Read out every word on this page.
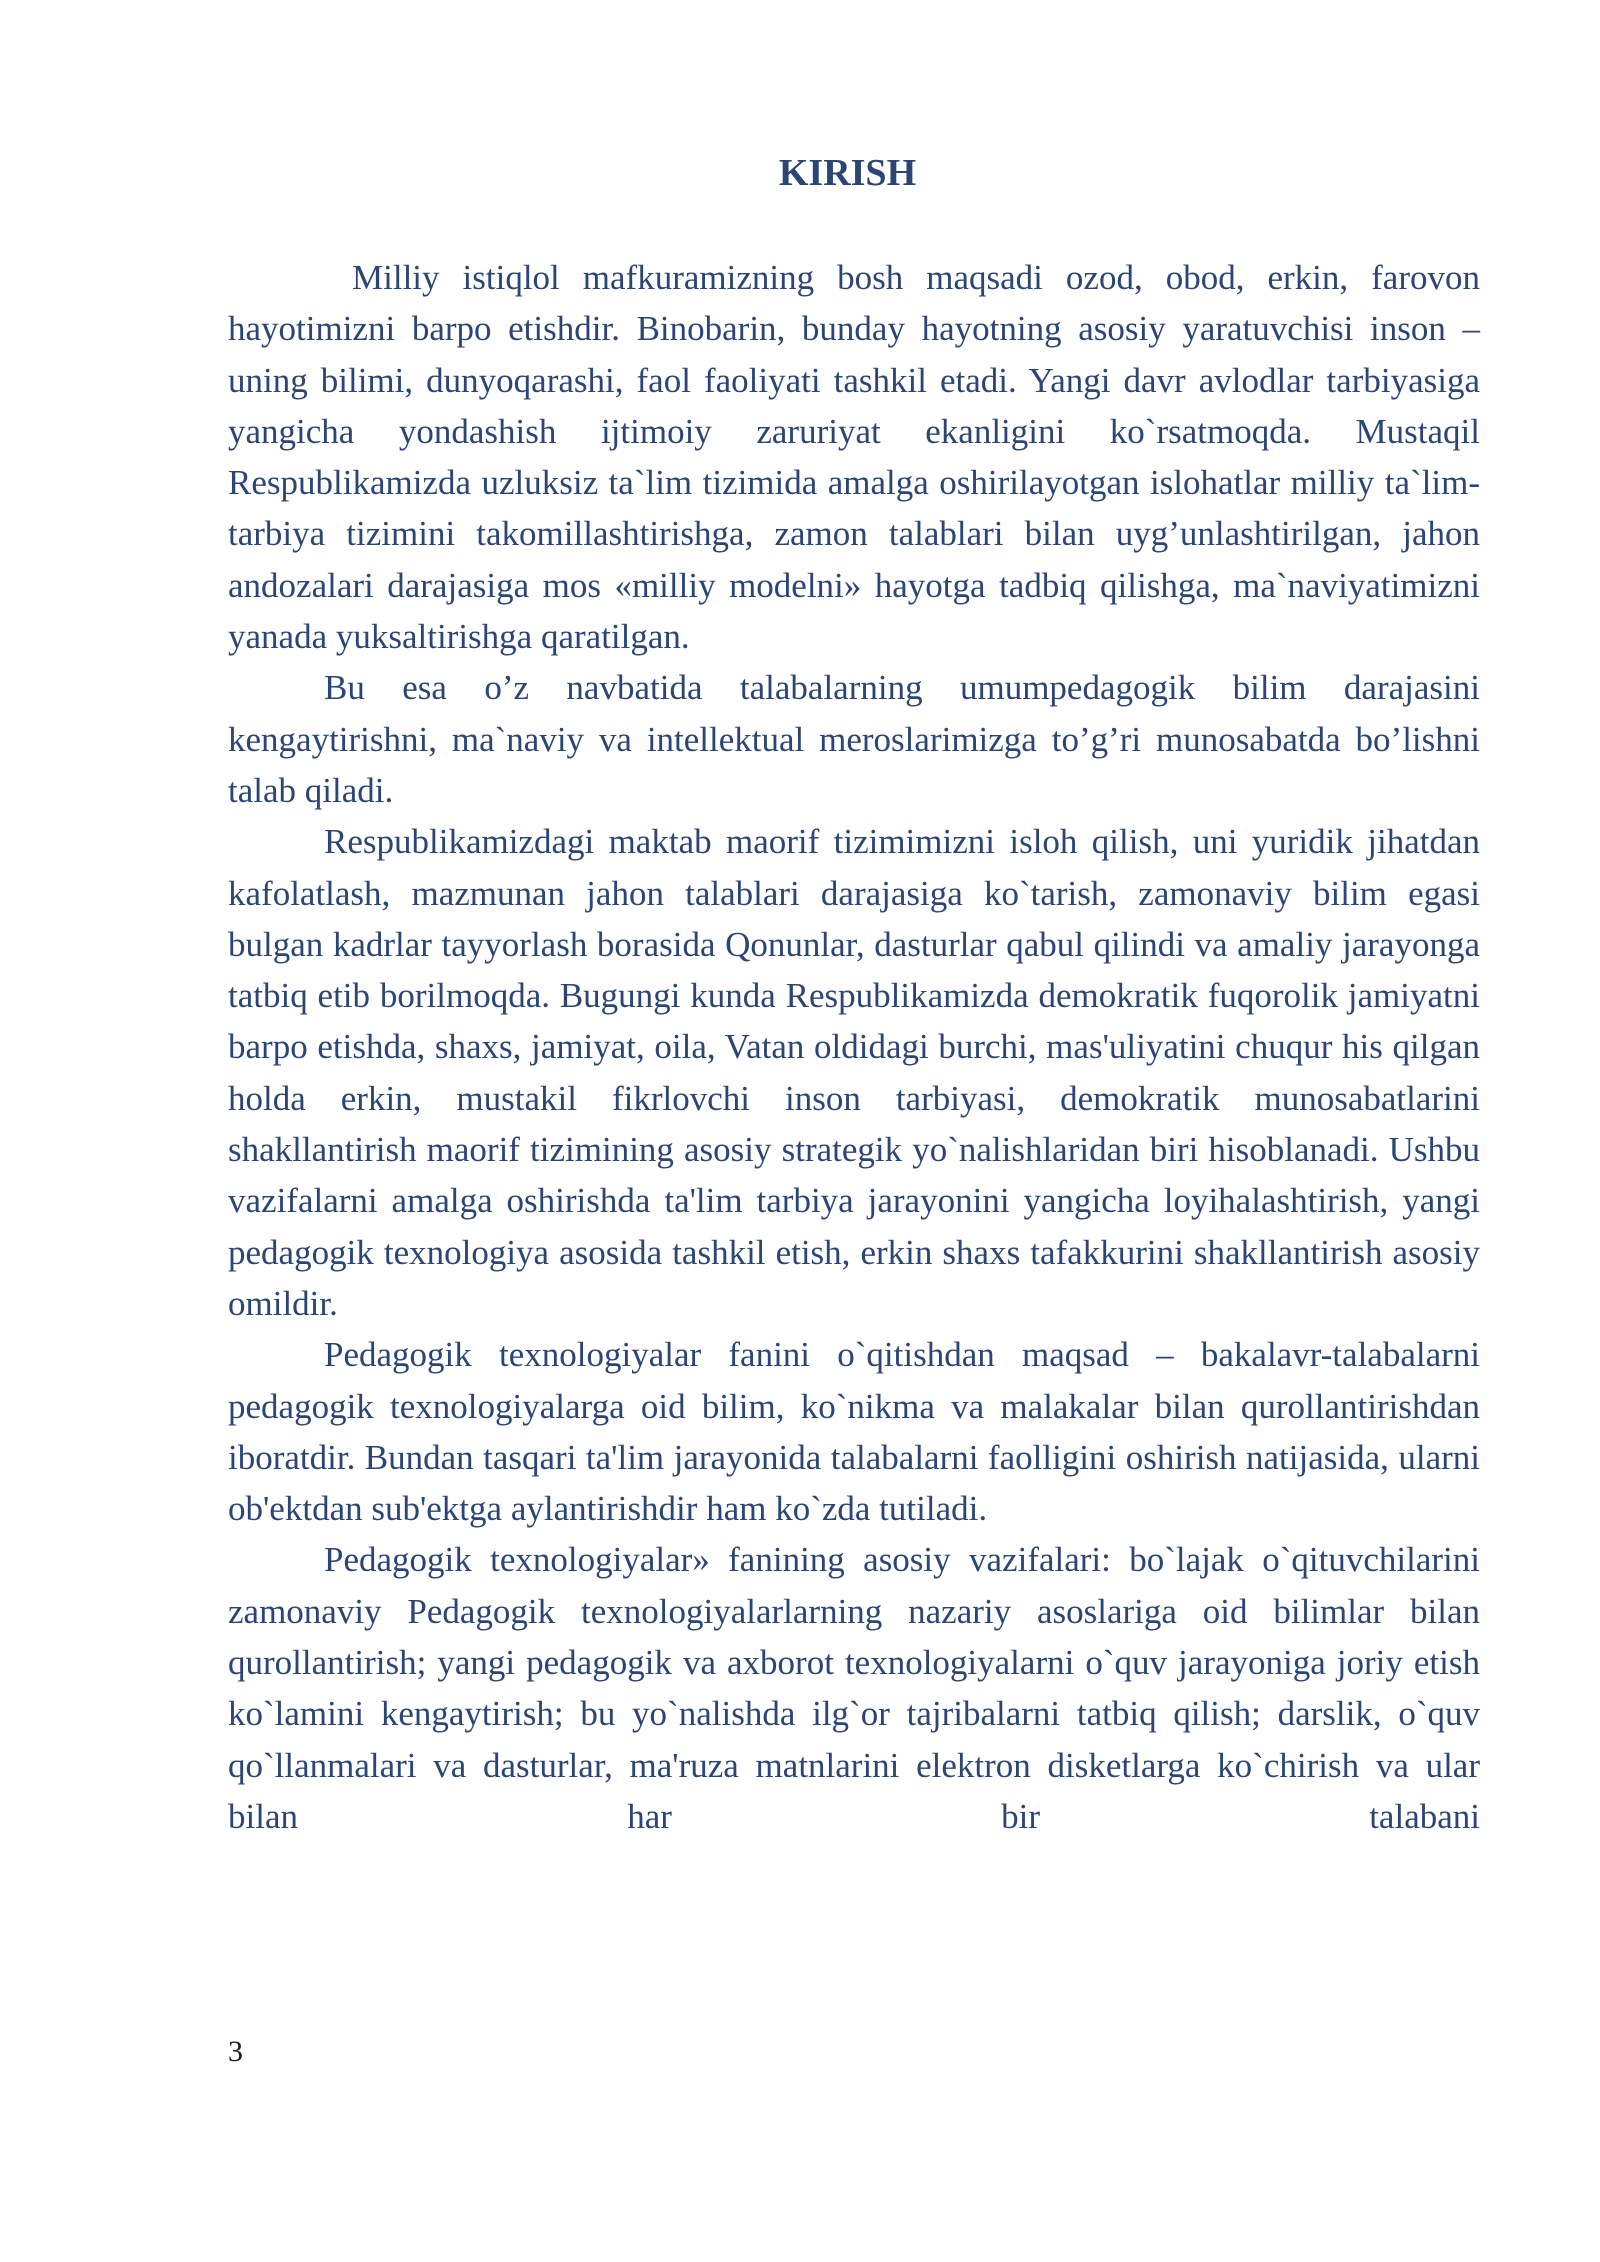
KIRISH

Milliy istiqlol mafkuramizning bosh maqsadi ozod, obod, erkin, farovon hayotimizni barpo etishdir. Binobarin, bunday hayotning asosiy yaratuvchisi inson – uning bilimi, dunyoqarashi, faol faoliyati tashkil etadi. Yangi davr avlodlar tarbiyasiga yangicha yondashish ijtimoiy zaruriyat ekanligini ko`rsatmoqda. Mustaqil Respublikamizda uzluksiz ta`lim tizimida amalga oshirilayotgan islohatlar milliy ta`lim-tarbiya tizimini takomillashtirishga, zamon talablari bilan uyg’unlashtirilgan, jahon andozalari darajasiga mos «milliy modelni» hayotga tadbiq qilishga, ma`naviyatimizni yanada yuksaltirishga qaratilgan.

Bu esa o’z navbatida talabalarning umumpedagogik bilim darajasini kengaytirishni, ma`naviy va intellektual meroslarimizga to’g’ri munosabatda bo’lishni talab qiladi.

Respublikamizdagi maktab maorif tizimimizni isloh qilish, uni yuridik jihatdan kafolatlash, mazmunan jahon talablari darajasiga ko`tarish, zamonaviy bilim egasi bulgan kadrlar tayyorlash borasida Qonunlar, dasturlar qabul qilindi va amaliy jarayonga tatbiq etib borilmoqda. Bugungi kunda Respublikamizda demokratik fuqorolik jamiyatni barpo etishda, shaxs, jamiyat, oila, Vatan oldidagi burchi, mas'uliyatini chuqur his qilgan holda erkin, mustakil fikrlovchi inson tarbiyasi, demokratik munosabatlarini shakllantirish maorif tizimining asosiy strategik yo`nalishlaridan biri hisoblanadi. Ushbu vazifalarni amalga oshirishda ta'lim tarbiya jarayonini yangicha loyihalashtirish, yangi pedagogik texnologiya asosida tashkil etish, erkin shaxs tafakkurini shakllantirish asosiy omildir.

Pedagogik texnologiyalar fanini o`qitishdan maqsad – bakalavr-talabalarni pedagogik texnologiyalarga oid bilim, ko`nikma va malakalar bilan qurollantirishdan iboratdir. Bundan tasqari ta'lim jarayonida talabalarni faolligini oshirish natijasida, ularni ob'ektdan sub'ektga aylantirishdir ham ko`zda tutiladi.

Pedagogik texnologiyalar» fanining asosiy vazifalari: bo`lajak o`qituvchilarini zamonaviy Pedagogik texnologiyalarlarning nazariy asoslariga oid bilimlar bilan qurollantirish; yangi pedagogik va axborot texnologiyalarni o`quv jarayoniga joriy etish ko`lamini kengaytirish; bu yo`nalishda ilg`or tajribalarni tatbiq qilish; darslik, o`quv qo`llanmalari va dasturlar, ma'ruza matnlarini elektron disketlarga ko`chirish va ular bilan har bir talabani

3
